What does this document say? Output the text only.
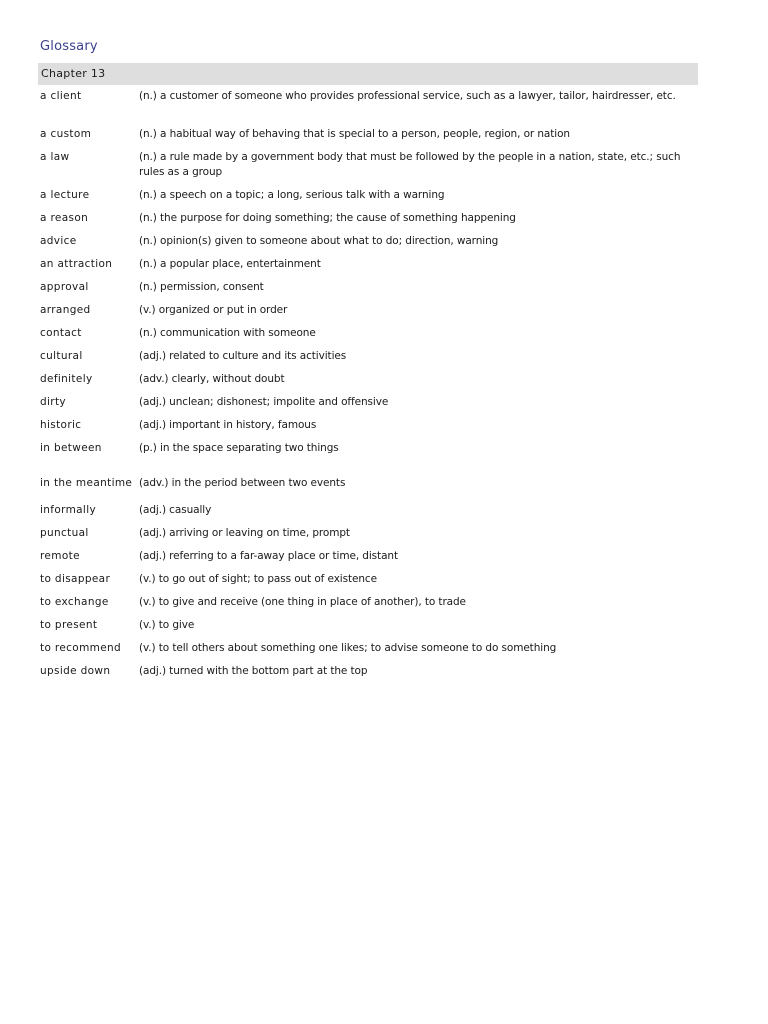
Glossary
Chapter 13
a client	(n.) a customer of someone who provides professional service, such as a lawyer, tailor, hairdresser, etc.
a custom	(n.) a habitual way of behaving that is special to a person, people, region, or nation
a law	(n.) a rule made by a government body that must be followed by the people in a nation, state, etc.; such rules as a group
a lecture	(n.) a speech on a topic; a long, serious talk with a warning
a reason	(n.) the purpose for doing something; the cause of something happening
advice	(n.) opinion(s) given to someone about what to do; direction, warning
an attraction	(n.) a popular place, entertainment
approval	(n.) permission, consent
arranged	(v.) organized or put in order
contact	(n.) communication with someone
cultural	(adj.) related to culture and its activities
definitely	(adv.) clearly, without doubt
dirty	(adj.) unclean; dishonest; impolite and offensive
historic	(adj.) important in history, famous
in between	(p.) in the space separating two things
in the meantime (adv.) in the period between two events
informally	(adj.) casually
punctual	(adj.) arriving or leaving on time, prompt
remote	(adj.) referring to a far-away place or time, distant
to disappear	(v.) to go out of sight; to pass out of existence
to exchange	(v.) to give and receive (one thing in place of another), to trade
to present	(v.) to give
to recommend	(v.) to tell others about something one likes; to advise someone to do something
upside down	(adj.) turned with the bottom part at the top
